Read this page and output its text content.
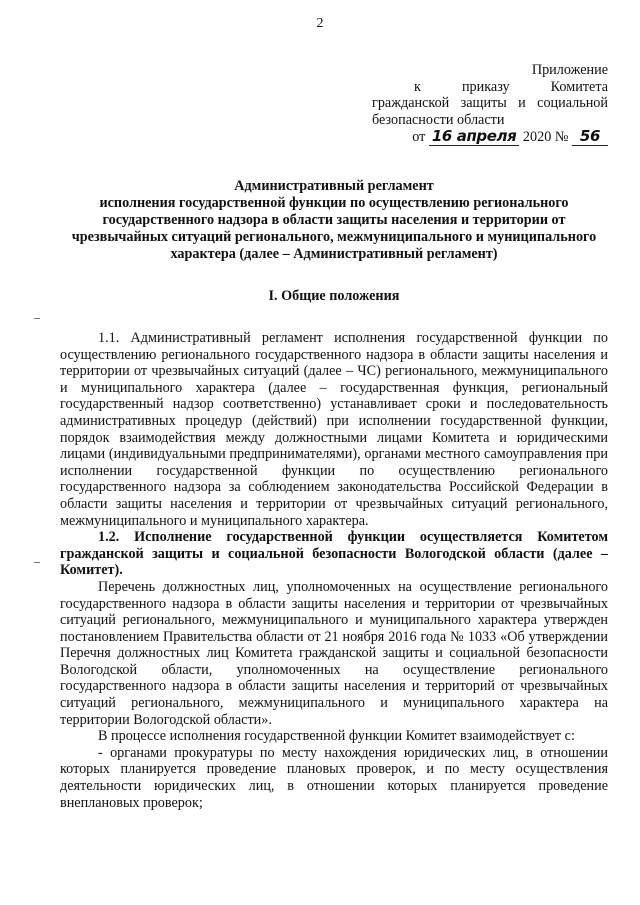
2
Приложение
к приказу Комитета
гражданской защиты и социальной
безопасности области
от 16 апреля 2020 № 56
Административный регламент
исполнения государственной функции по осуществлению регионального государственного надзора в области защиты населения и территории от чрезвычайных ситуаций регионального, межмуниципального и муниципального характера (далее – Административный регламент)
I. Общие положения

1.1. Административный регламент исполнения государственной функции по осуществлению регионального государственного надзора в области защиты населения и территории от чрезвычайных ситуаций (далее – ЧС) регионального, межмуниципального и муниципального характера (далее – государственная функция, региональный государственный надзор соответственно) устанавливает сроки и последовательность административных процедур (действий) при исполнении государственной функции, порядок взаимодействия между должностными лицами Комитета и юридическими лицами (индивидуальными предпринимателями), органами местного самоуправления при исполнении государственной функции по осуществлению регионального государственного надзора за соблюдением законодательства Российской Федерации в области защиты населения и территории от чрезвычайных ситуаций регионального, межмуниципального и муниципального характера.

1.2. Исполнение государственной функции осуществляется Комитетом гражданской защиты и социальной безопасности Вологодской области (далее – Комитет).

Перечень должностных лиц, уполномоченных на осуществление регионального государственного надзора в области защиты населения и территории от чрезвычайных ситуаций регионального, межмуниципального и муниципального характера утвержден постановлением Правительства области от 21 ноября 2016 года № 1033 «Об утверждении Перечня должностных лиц Комитета гражданской защиты и социальной безопасности Вологодской области, уполномоченных на осуществление регионального государственного надзора в области защиты населения и территорий от чрезвычайных ситуаций регионального, межмуниципального и муниципального характера на территории Вологодской области».

В процессе исполнения государственной функции Комитет взаимодействует с:

- органами прокуратуры по месту нахождения юридических лиц, в отношении которых планируется проведение плановых проверок, и по месту осуществления деятельности юридических лиц, в отношении которых планируется проведение внеплановых проверок;
